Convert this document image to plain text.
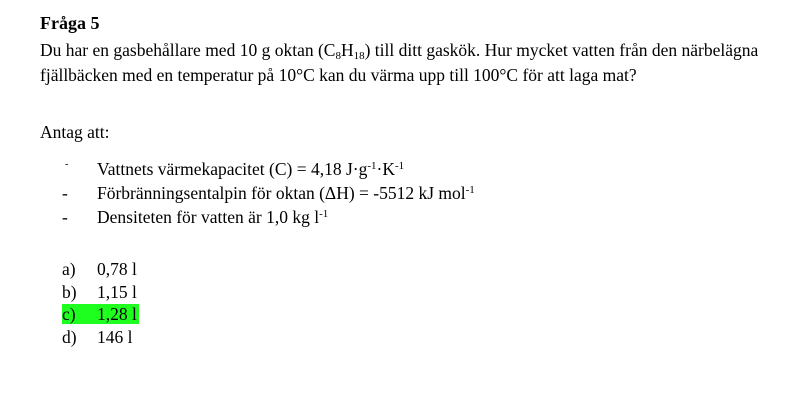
Fråga 5
Du har en gasbehållare med 10 g oktan $(C_8H_{18})$ till ditt gaskök. Hur mycket vatten från den närbelägna fjällbäcken med en temperatur på 10°C kan du värma upp till 100°C för att laga mat?
Antag att:
- Vattnets värmekapacitet (C) = 4,18 $J\cdot g^{-1}\cdot K^{-1}$
- Förbränningsentalpin för oktan (ΔH) = -5512 kJ mol$^{-1}$
- Densiteten för vatten är 1,0 kg $l^{-1}$
a) 0,78 l
b) 1,15 l
c) 1,28 l
d) 146 l
